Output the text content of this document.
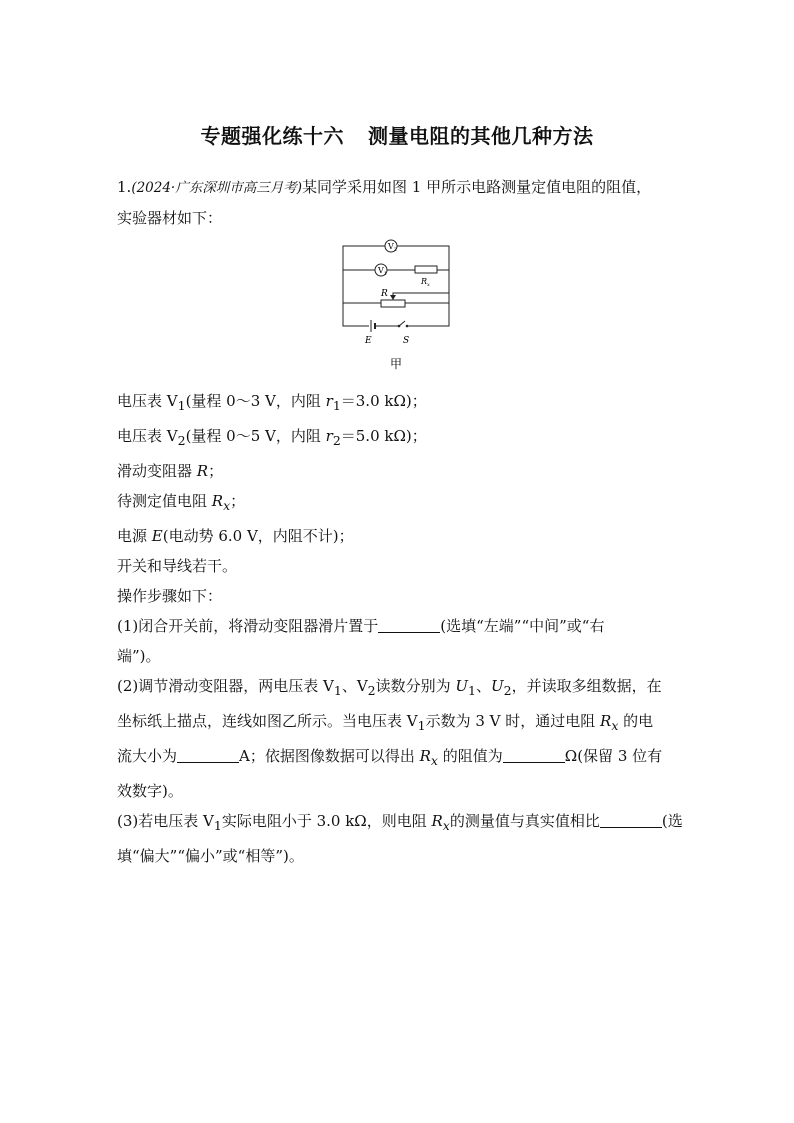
专题强化练十六 测量电阻的其他几种方法
1.(2024·广东深圳市高三月考)某同学采用如图 1 甲所示电路测量定值电阻的阻值，
实验器材如下：
$V_2$
$V_1$
$R_x$
R
E	S
甲
电压表 $V_1$(量程 0～3 V，内阻 $r_1=3.0$ kΩ)；
电压表 $V_2$(量程 0～5 V，内阻 $r_2=5.0$ kΩ)；
滑动变阻器 R；
待测定值电阻 $R_x$；
电源 E(电动势 6.0 V，内阻不计)；
开关和导线若干。
操作步骤如下：
(1)闭合开关前，将滑动变阻器滑片置于	(选填“左端”“中间”或“右
端”)。
(2)调节滑动变阻器，两电压表 $V_1$、$V_2$读数分别为 $U_1$、$U_2$，并读取多组数据，在
坐标纸上描点，连线如图乙所示。当电压表 $V_1$示数为 3 V 时，通过电阻 $R_x$ 的电
流大小为	A；依据图像数据可以得出 $R_x$ 的阻值为	Ω(保留 3 位有
效数字)。
(3)若电压表 $V_1$实际电阻小于 3.0 kΩ，则电阻 $R_x$的测量值与真实值相比	(选
填“偏大”“偏小”或“相等”)。
